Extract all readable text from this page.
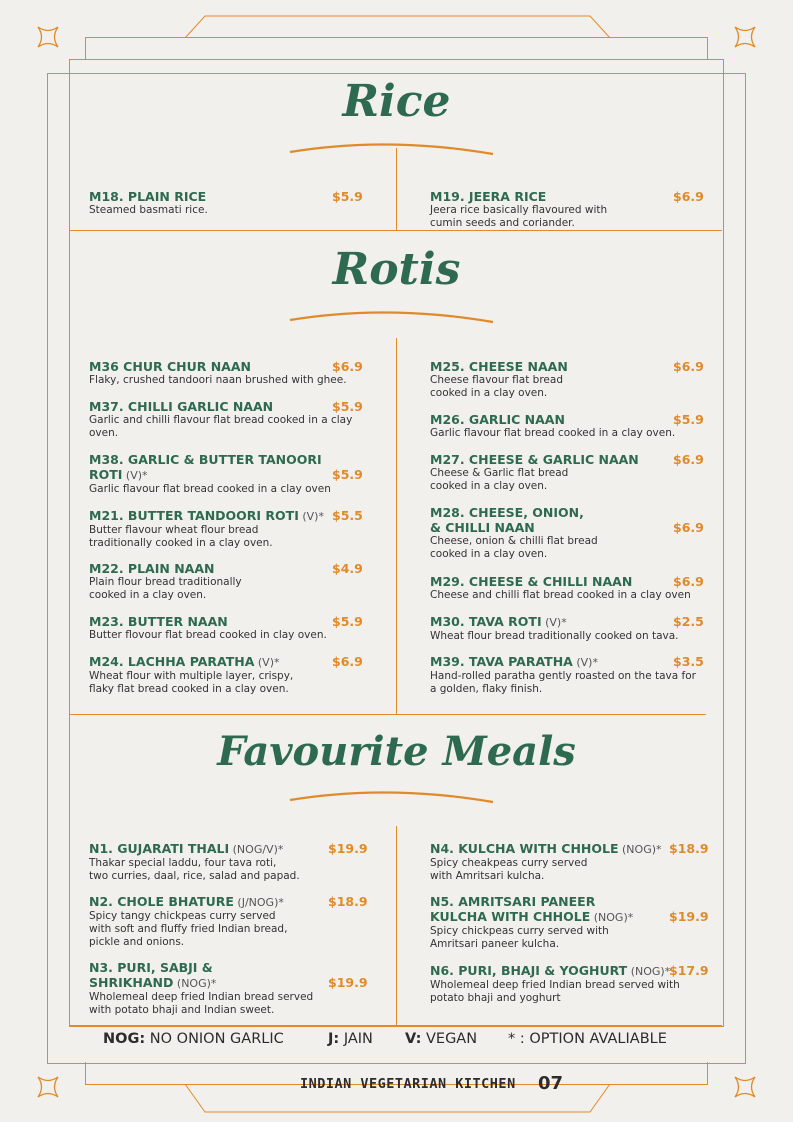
Rice
M18. PLAIN RICE	$5.9
Steamed basmati rice.
M19. JEERA RICE	$6.9
Jeera rice basically flavoured with
cumin seeds and coriander.
Rotis
M36 CHUR CHUR NAAN	$6.9
Flaky, crushed tandoori naan brushed with ghee.
M37. CHILLI GARLIC NAAN	$5.9
Garlic and chilli flavour flat bread cooked in a clay
oven.
M38. GARLIC & BUTTER TANOORI
ROTI (V)*	$5.9
Garlic flavour flat bread cooked in a clay oven
M21. BUTTER TANDOORI ROTI (V)* $5.5
Butter flavour wheat flour bread
traditionally cooked in a clay oven.
M22. PLAIN NAAN	$4.9
Plain flour bread traditionally
cooked in a clay oven.
M23. BUTTER NAAN	$5.9
Butter flovour flat bread cooked in clay oven.
M24. LACHHA PARATHA (V)*	$6.9
Wheat flour with multiple layer, crispy,
flaky flat bread cooked in a clay oven.
M25. CHEESE NAAN	$6.9
Cheese flavour flat bread
cooked in a clay oven.
M26. GARLIC NAAN	$5.9
Garlic flavour flat bread cooked in a clay oven.
M27. CHEESE & GARLIC NAAN	$6.9
Cheese & Garlic flat bread
cooked in a clay oven.
M28. CHEESE, ONION,
& CHILLI NAAN	$6.9
Cheese, onion & chilli flat bread
cooked in a clay oven.
M29. CHEESE & CHILLI NAAN	$6.9
Cheese and chilli flat bread cooked in a clay oven
M30. TAVA ROTI (V)*	$2.5
Wheat flour bread traditionally cooked on tava.
M39. TAVA PARATHA (V)*	$3.5
Hand-rolled paratha gently roasted on the tava for
a golden, flaky finish.
Favourite Meals
N1. GUJARATI THALI (NOG/V)*	$19.9
Thakar special laddu, four tava roti,
two curries, daal, rice, salad and papad.
N2. CHOLE BHATURE (J/NOG)*	$18.9
Spicy tangy chickpeas curry served
with soft and fluffy fried Indian bread,
pickle and onions.
N3. PURI, SABJI &
SHRIKHAND (NOG)*	$19.9
Wholemeal deep fried Indian bread served
with potato bhaji and Indian sweet.
N4. KULCHA WITH CHHOLE (NOG)* $18.9
Spicy cheakpeas curry served
with Amritsari kulcha.
N5. AMRITSARI PANEER
KULCHA WITH CHHOLE (NOG)*	$19.9
Spicy chickpeas curry served with
Amritsari paneer kulcha.
N6. PURI, BHAJI & YOGHURT (NOG)*
$17.9
Wholemeal deep fried Indian bread served with
potato bhaji and yoghurt
NOG: NO ONION GARLIC	J: JAIN V: VEGAN * : OPTION AVALIABLE
INDIAN VEGETARIAN KITCHEN 07
